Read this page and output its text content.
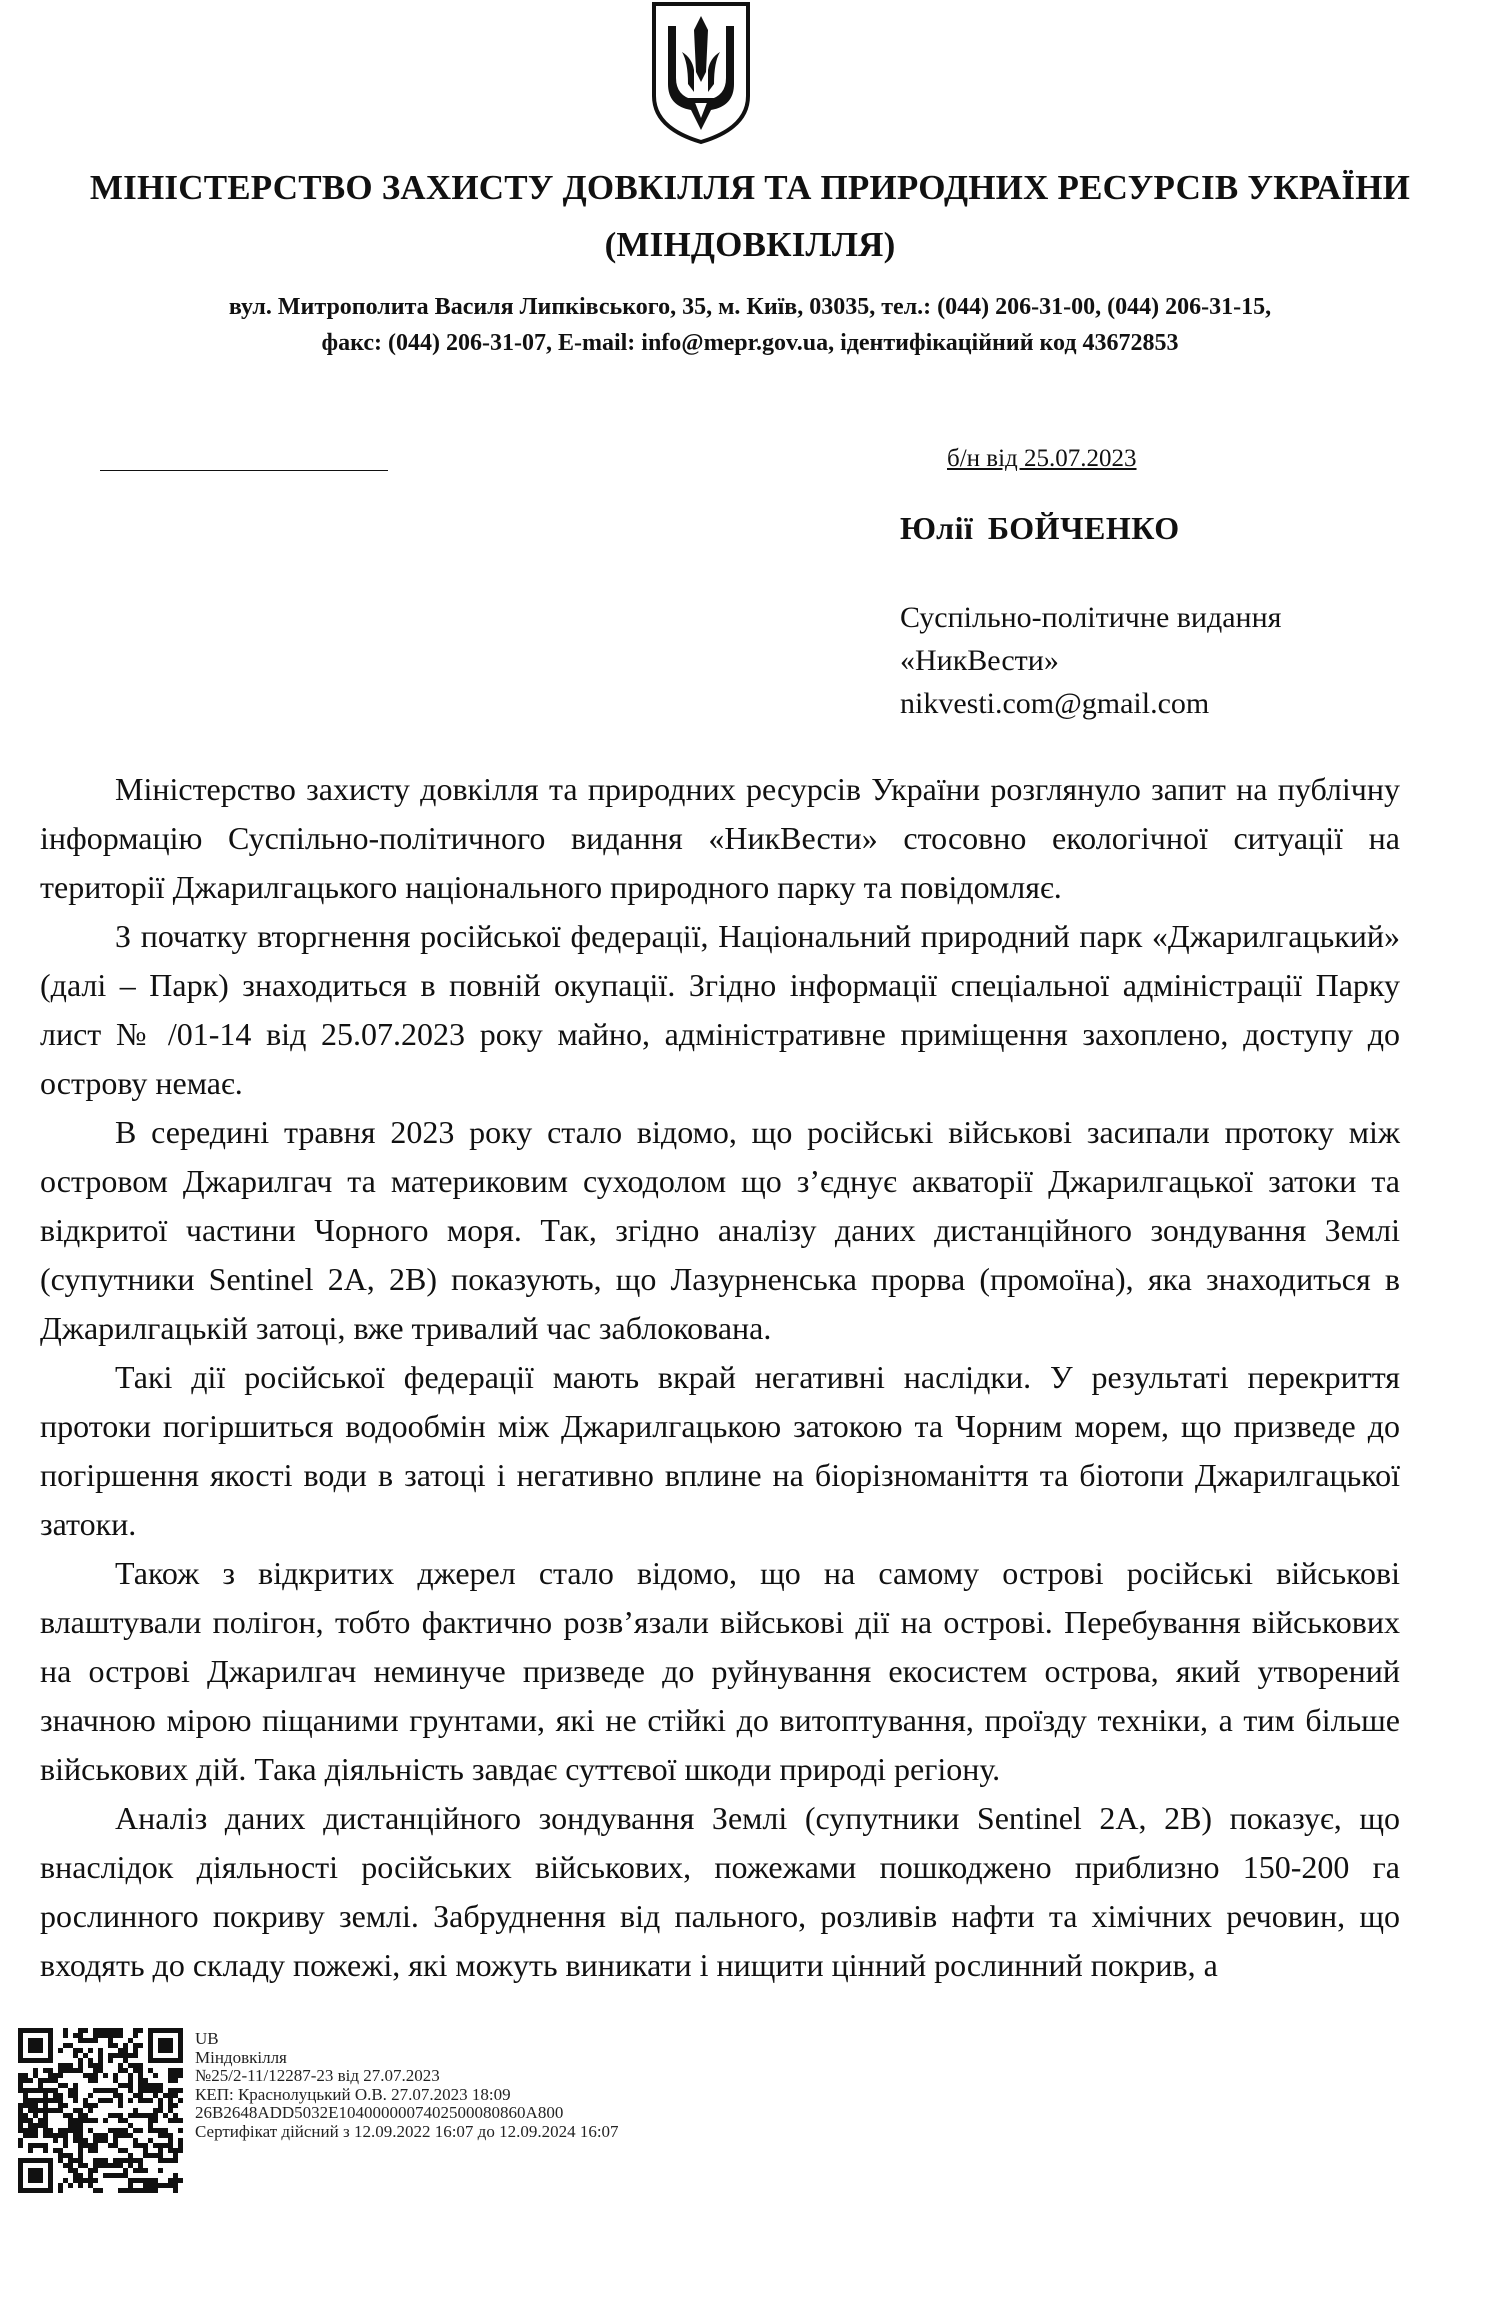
МІНІСТЕРСТВО ЗАХИСТУ ДОВКІЛЛЯ ТА ПРИРОДНИХ РЕСУРСІВ УКРАЇНИ
(МІНДОВКІЛЛЯ)
вул. Митрополита Василя Липківського, 35, м. Київ, 03035, тел.: (044) 206-31-00, (044) 206-31-15,
факс: (044) 206-31-07, E-mail: info@mepr.gov.ua, ідентифікаційний код 43672853
б/н від 25.07.2023
Юлії БОЙЧЕНКО
Суспільно-політичне видання
«НикВести»
nikvesti.com@gmail.com

Міністерство захисту довкілля та природних ресурсів України розглянуло запит на публічну інформацію Суспільно-політичного видання «НикВести» стосовно екологічної ситуації на території Джарилгацького національного природного парку та повідомляє.

З початку вторгнення російської федерації, Національний природний парк «Джарилгацький» (далі – Парк) знаходиться в повній окупації. Згідно інформації спеціальної адміністрації Парку лист № /01-14 від 25.07.2023 року майно, адміністративне приміщення захоплено, доступу до острову немає.

В середині травня 2023 року стало відомо, що російські військові засипали протоку між островом Джарилгач та материковим суходолом що з’єднує акваторії Джарилгацької затоки та відкритої частини Чорного моря. Так, згідно аналізу даних дистанційного зондування Землі (супутники Sentinel 2A, 2B) показують, що Лазурненська прорва (промоїна), яка знаходиться в Джарилгацькій затоці, вже тривалий час заблокована.

Такі дії російської федерації мають вкрай негативні наслідки. У результаті перекриття протоки погіршиться водообмін між Джарилгацькою затокою та Чорним морем, що призведе до погіршення якості води в затоці і негативно вплине на біорізноманіття та біотопи Джарилгацької затоки.

Також з відкритих джерел стало відомо, що на самому острові російські військові влаштували полігон, тобто фактично розв’язали військові дії на острові. Перебування військових на острові Джарилгач неминуче призведе до руйнування екосистем острова, який утворений значною мірою піщаними грунтами, які не стійкі до витоптування, проїзду техніки, а тим більше військових дій. Така діяльність завдає суттєвої шкоди природі регіону.

Аналіз даних дистанційного зондування Землі (супутники Sentinel 2A, 2B) показує, що внаслідок діяльності російських військових, пожежами пошкоджено приблизно 150-200 га рослинного покриву землі. Забруднення від пального, розливів нафти та хімічних речовин, що входять до складу пожежі, які можуть виникати і нищити цінний рослинний покрив, а

UB
Міндовкілля
№25/2-11/12287-23 від 27.07.2023
КЕП: Краснолуцький О.В. 27.07.2023 18:09
26B2648ADD5032E1040000007402500080860A800
Сертифікат дійсний з 12.09.2022 16:07 до 12.09.2024 16:07
